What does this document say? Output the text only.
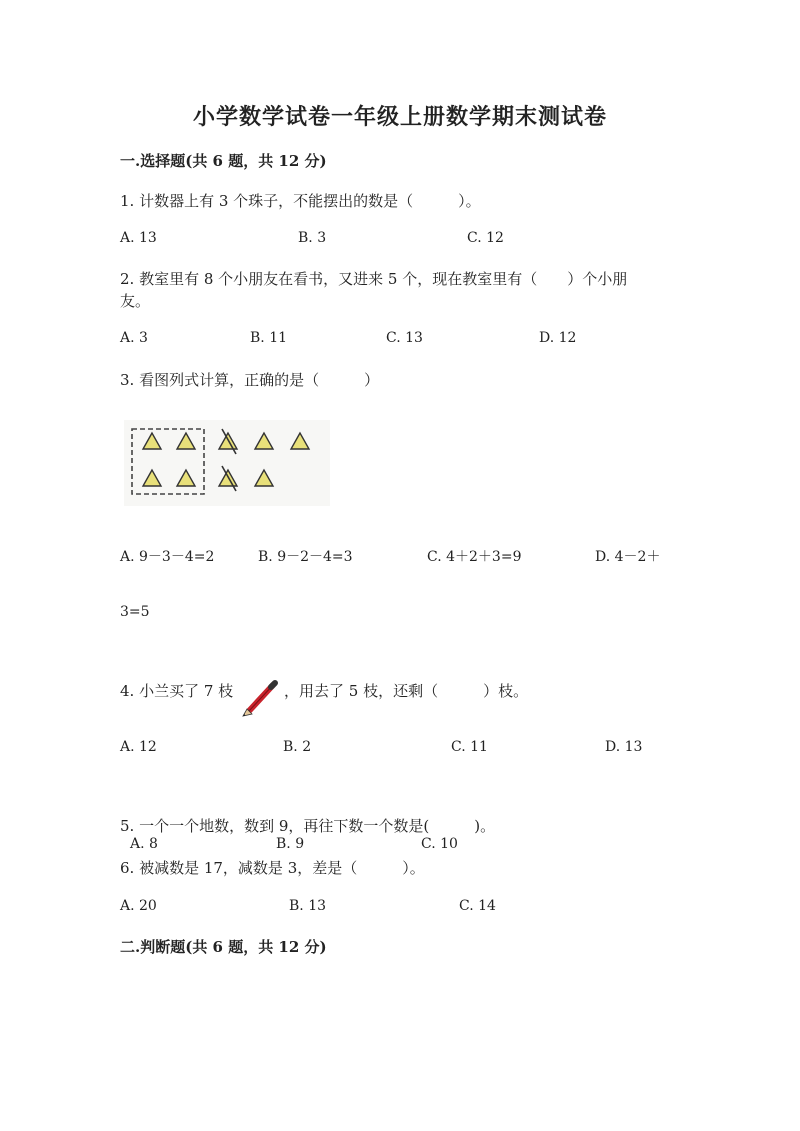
小学数学试卷一年级上册数学期末测试卷
一.选择题(共 6 题，共 12 分)
1. 计数器上有 3 个珠子，不能摆出的数是（　　　）。
A. 13	B. 3	C. 12
2. 教室里有 8 个小朋友在看书，又进来 5 个，现在教室里有（　　）个小朋
友。
A. 3	B. 11	C. 13	D. 12
3. 看图列式计算，正确的是（　　　）
A. 9－3－4=2	B. 9－2－4=3	C. 4＋2＋3=9	D. 4－2＋
3=5
4. 小兰买了 7 枝	，用去了 5 枝，还剩（　　　）枝。
A. 12	B. 2	C. 11	D. 13
5. 一个一个地数，数到 9，再往下数一个数是(　　　)。
A. 8	B. 9	C. 10
6. 被减数是 17，减数是 3，差是（　　　）。
A. 20	B. 13	C. 14
二.判断题(共 6 题，共 12 分)
